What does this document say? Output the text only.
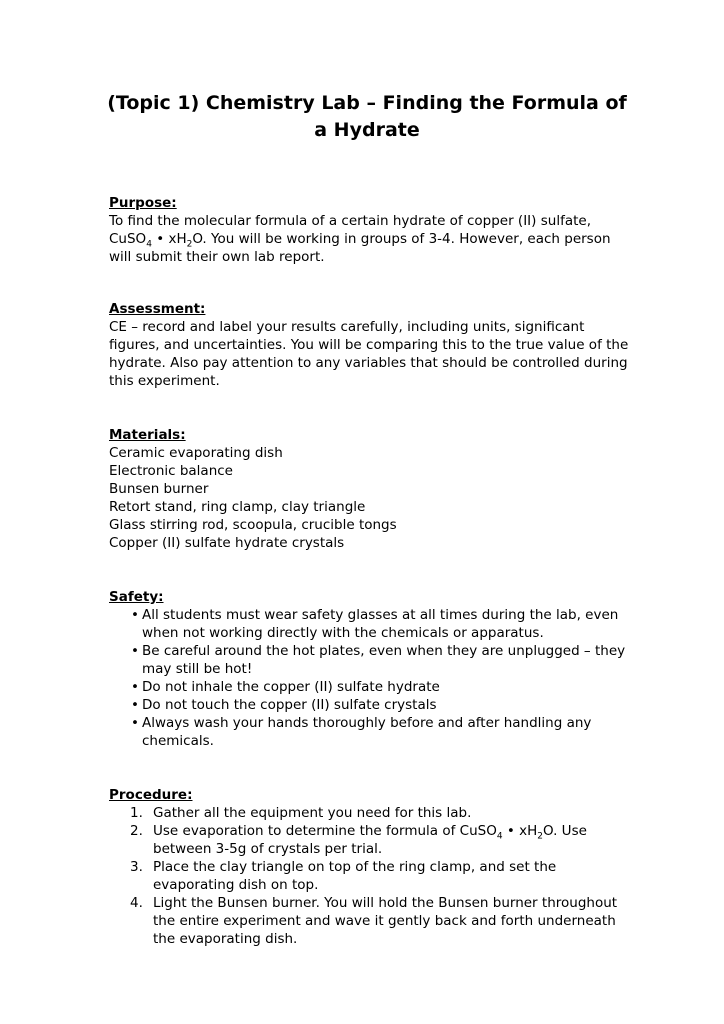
(Topic 1) Chemistry Lab – Finding the Formula of a Hydrate
Purpose:

To find the molecular formula of a certain hydrate of copper (II) sulfate, CuSO$_4$ • $xH_2O$. You will be working in groups of 3-4. However, each person will submit their own lab report.

Assessment:

CE – record and label your results carefully, including units, significant figures, and uncertainties. You will be comparing this to the true value of the hydrate. Also pay attention to any variables that should be controlled during this experiment.

Materials:
Ceramic evaporating dish
Electronic balance
Bunsen burner
Retort stand, ring clamp, clay triangle
Glass stirring rod, scoopula, crucible tongs
Copper (II) sulfate hydrate crystals
Safety:
• All students must wear safety glasses at all times during the lab, even when not working directly with the chemicals or apparatus.
• Be careful around the hot plates, even when they are unplugged – they may still be hot!
• Do not inhale the copper (II) sulfate hydrate
• Do not touch the copper (II) sulfate crystals
• Always wash your hands thoroughly before and after handling any chemicals.
Procedure:
1. Gather all the equipment you need for this lab.
2. Use evaporation to determine the formula of CuSO$_4$ • $xH_2O$. Use between 3-5g of crystals per trial.
3. Place the clay triangle on top of the ring clamp, and set the evaporating dish on top.
4. Light the Bunsen burner. You will hold the Bunsen burner throughout the entire experiment and wave it gently back and forth underneath the evaporating dish.
